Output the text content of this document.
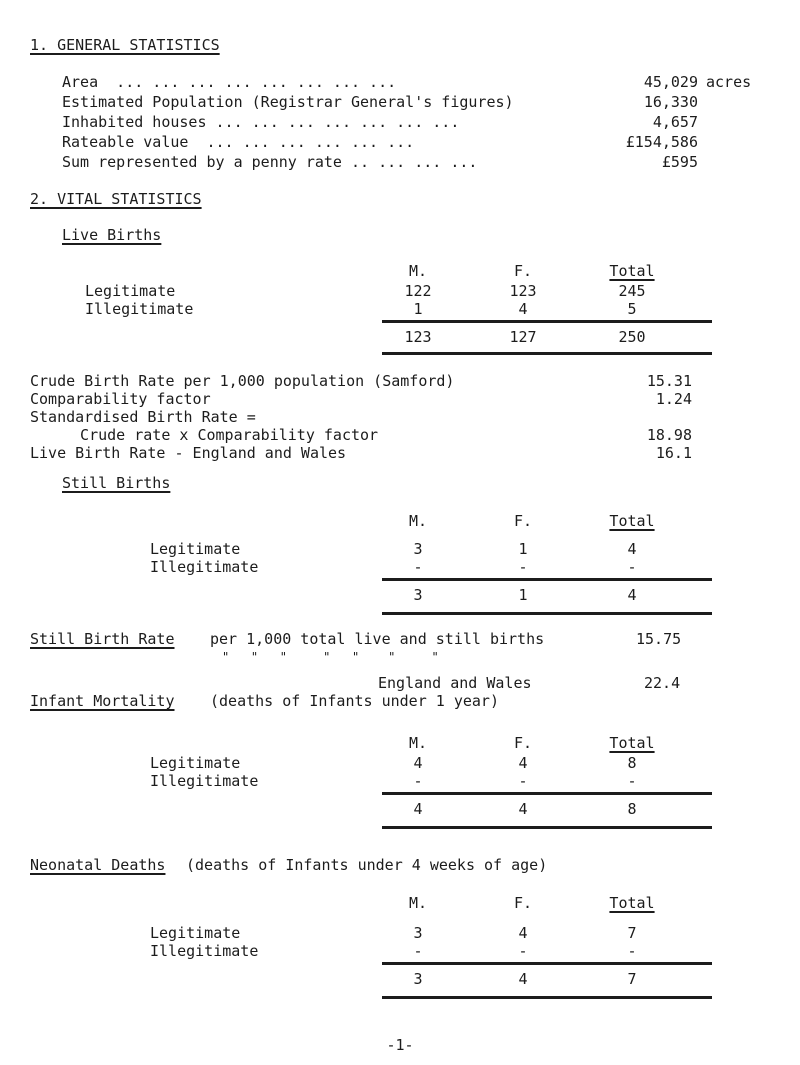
1. GENERAL STATISTICS
Area  ... ... ... ... ... ... ... ...	45,029 acres
Estimated Population (Registrar General's figures)	16,330
Inhabited houses ... ... ... ... ... ... ...	4,657
Rateable value  ... ... ... ... ... ...	£154,586
Sum represented by a penny rate .. ... ... ...	£595
2. VITAL STATISTICS
Live Births
M.	F.	Total
Legitimate	122	123	245
Illegitimate	1	4	5
123	127	250
Crude Birth Rate per 1,000 population (Samford)	15.31
Comparability factor	1.24
Standardised Birth Rate =
Crude rate x Comparability factor	18.98
Live Birth Rate - England and Wales	16.1
Still Births
M.	F.	Total
Legitimate	3	1	4
Illegitimate	-	-	-
3	1	4
Still Birth Rate per 1,000 total live and still births	15.75
"   "   "     "   "    "     "
England and Wales	22.4
Infant Mortality (deaths of Infants under 1 year)
M.	F.	Total
Legitimate	4	4	8
Illegitimate	-	-	-
4	4	8
Neonatal Deaths (deaths of Infants under 4 weeks of age)
M.	F.	Total
Legitimate	3	4	7
Illegitimate	-	-	-
3	4	7
-1-
